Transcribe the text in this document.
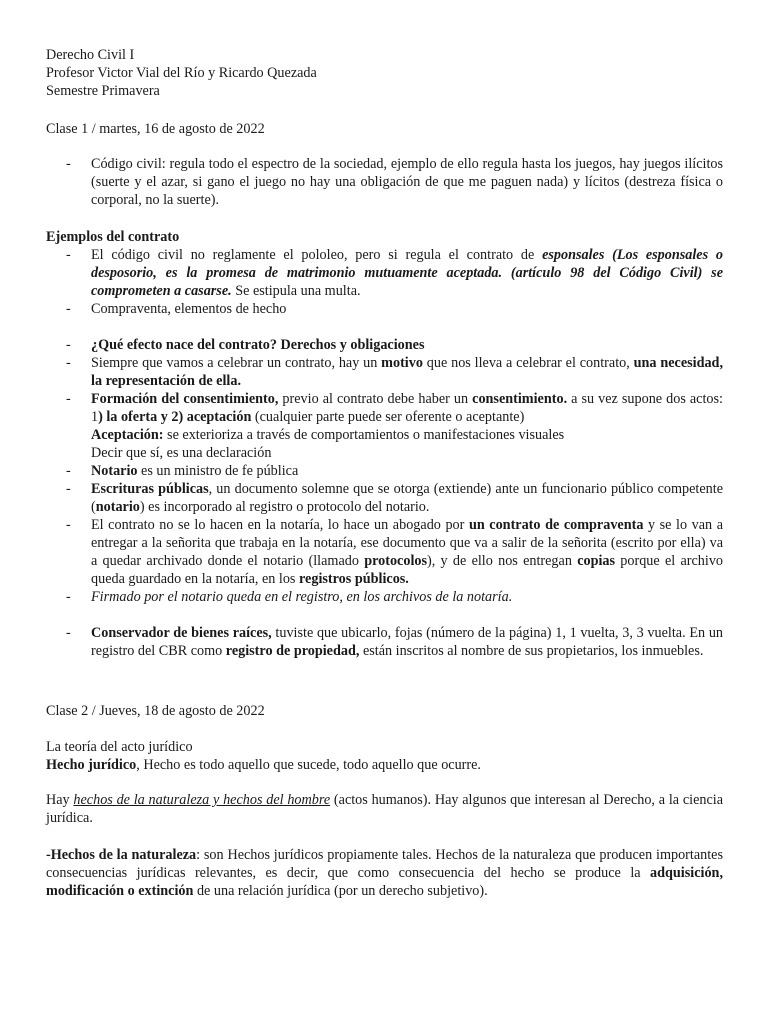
Derecho Civil I

Profesor Victor Vial del Río y Ricardo Quezada

Semestre Primavera

Clase 1 / martes, 16 de agosto de 2022

- Código civil: regula todo el espectro de la sociedad, ejemplo de ello regula hasta los juegos, hay juegos ilícitos (suerte y el azar, si gano el juego no hay una obligación de que me paguen nada) y lícitos (destreza física o corporal, no la suerte).

Ejemplos del contrato

- El código civil no reglamente el pololeo, pero si regula el contrato de esponsales (Los esponsales o desposorio, es la promesa de matrimonio mutuamente aceptada. (artículo 98 del Código Civil) se comprometen a casarse. Se estipula una multa.
- Compraventa, elementos de hecho
- ¿Qué efecto nace del contrato? Derechos y obligaciones
- Siempre que vamos a celebrar un contrato, hay un motivo que nos lleva a celebrar el contrato, una necesidad, la representación de ella.
- Formación del consentimiento, previo al contrato debe haber un consentimiento. a su vez supone dos actos: 1) la oferta y 2) aceptación (cualquier parte puede ser oferente o aceptante)
Aceptación: se exterioriza a través de comportamientos o manifestaciones visuales
Decir que sí, es una declaración
- Notario es un ministro de fe pública
- Escrituras públicas, un documento solemne que se otorga (extiende) ante un funcionario público competente (notario) es incorporado al registro o protocolo del notario.
- El contrato no se lo hacen en la notaría, lo hace un abogado por un contrato de compraventa y se lo van a entregar a la señorita que trabaja en la notaría, ese documento que va a salir de la señorita (escrito por ella) va a quedar archivado donde el notario (llamado protocolos), y de ello nos entregan copias porque el archivo queda guardado en la notaría, en los registros públicos.
- Firmado por el notario queda en el registro, en los archivos de la notaría.
- Conservador de bienes raíces, tuviste que ubicarlo, fojas (número de la página) 1, 1 vuelta, 3, 3 vuelta. En un registro del CBR como registro de propiedad, están inscritos al nombre de sus propietarios, los inmuebles.

Clase 2 / Jueves, 18 de agosto de 2022

La teoría del acto jurídico

Hecho jurídico, Hecho es todo aquello que sucede, todo aquello que ocurre.

Hay hechos de la naturaleza y hechos del hombre (actos humanos). Hay algunos que interesan al Derecho, a la ciencia jurídica.

-Hechos de la naturaleza: son Hechos jurídicos propiamente tales. Hechos de la naturaleza que producen importantes consecuencias jurídicas relevantes, es decir, que como consecuencia del hecho se produce la adquisición, modificación o extinción de una relación jurídica (por un derecho subjetivo).
